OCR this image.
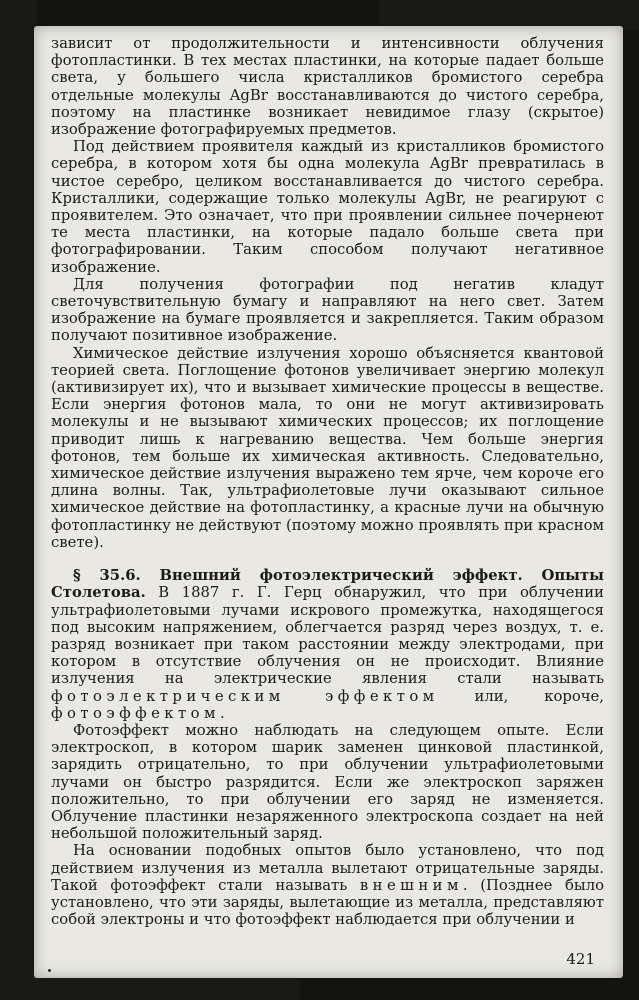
зависит от продолжительности и интенсивности облучения фотопластинки. В тех местах пластинки, на которые падает больше света, у большего числа кристалликов бромистого серебра отдельные молекулы AgBr восстанавливаются до чистого серебра, поэтому на пластинке возникает невидимое глазу (скрытое) изображение фотографируемых предметов.

Под действием проявителя каждый из кристалликов бромистого серебра, в котором хотя бы одна молекула AgBr превратилась в чистое серебро, целиком восстанавливается до чистого серебра. Кристаллики, содержащие только молекулы AgBr, не реагируют с проявителем. Это означает, что при проявлении сильнее почернеют те места пластинки, на которые падало больше света при фотографировании. Таким способом получают негативное изображение.

Для получения фотографии под негатив кладут светочувствительную бумагу и направляют на него свет. Затем изображение на бумаге проявляется и закрепляется. Таким образом получают позитивное изображение.

Химическое действие излучения хорошо объясняется квантовой теорией света. Поглощение фотонов увеличивает энергию молекул (активизирует их), что и вызывает химические процессы в веществе. Если энергия фотонов мала, то они не могут активизировать молекулы и не вызывают химических процессов; их поглощение приводит лишь к нагреванию вещества. Чем больше энергия фотонов, тем больше их химическая активность. Следовательно, химическое действие излучения выражено тем ярче, чем короче его длина волны. Так, ультрафиолетовые лучи оказывают сильное химическое действие на фотопластинку, а красные лучи на обычную фотопластинку не действуют (поэтому можно проявлять при красном свете).

§ 35.6. Внешний фотоэлектрический эффект. Опыты Столетова. В 1887 г. Г. Герц обнаружил, что при облучении ультрафиолетовыми лучами искрового промежутка, находящегося под высоким напряжением, облегчается разряд через воздух, т. е. разряд возникает при таком расстоянии между электродами, при котором в отсутствие облучения он не происходит. Влияние излучения на электрические явления стали называть фотоэлектрическим эффектом или, короче, фотоэффектом.

Фотоэффект можно наблюдать на следующем опыте. Если электроскоп, в котором шарик заменен цинковой пластинкой, зарядить отрицательно, то при облучении ультрафиолетовыми лучами он быстро разрядится. Если же электроскоп заряжен положительно, то при облучении его заряд не изменяется. Облучение пластинки незаряженного электроскопа создает на ней небольшой положительный заряд.

На основании подобных опытов было установлено, что под действием излучения из металла вылетают отрицательные заряды. Такой фотоэффект стали называть внешним. (Позднее было установлено, что эти заряды, вылетающие из металла, представляют собой электроны и что фотоэффект наблюдается при облучении и

421
